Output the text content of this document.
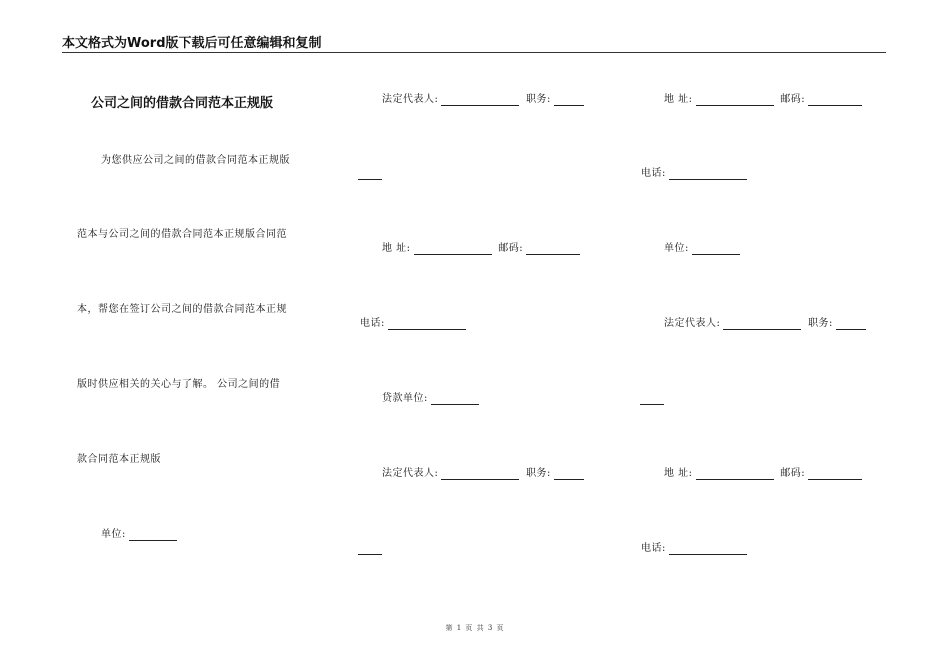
本文格式为Word版下载后可任意编辑和复制
公司之间的借款合同范本正规版
为您供应公司之间的借款合同范本正规版
范本与公司之间的借款合同范本正规版合同范
本，帮您在签订公司之间的借款合同范本正规
版时供应相关的关心与了解。 公司之间的借
款合同范本正规版
单位:
法定代表人:	职务:
地 址:	邮码:
电话:
贷款单位:
法定代表人:	职务:
地 址:	邮码:
电话:
单位:
法定代表人:	职务:
地 址:	邮码:
电话:
第 1 页 共 3 页
